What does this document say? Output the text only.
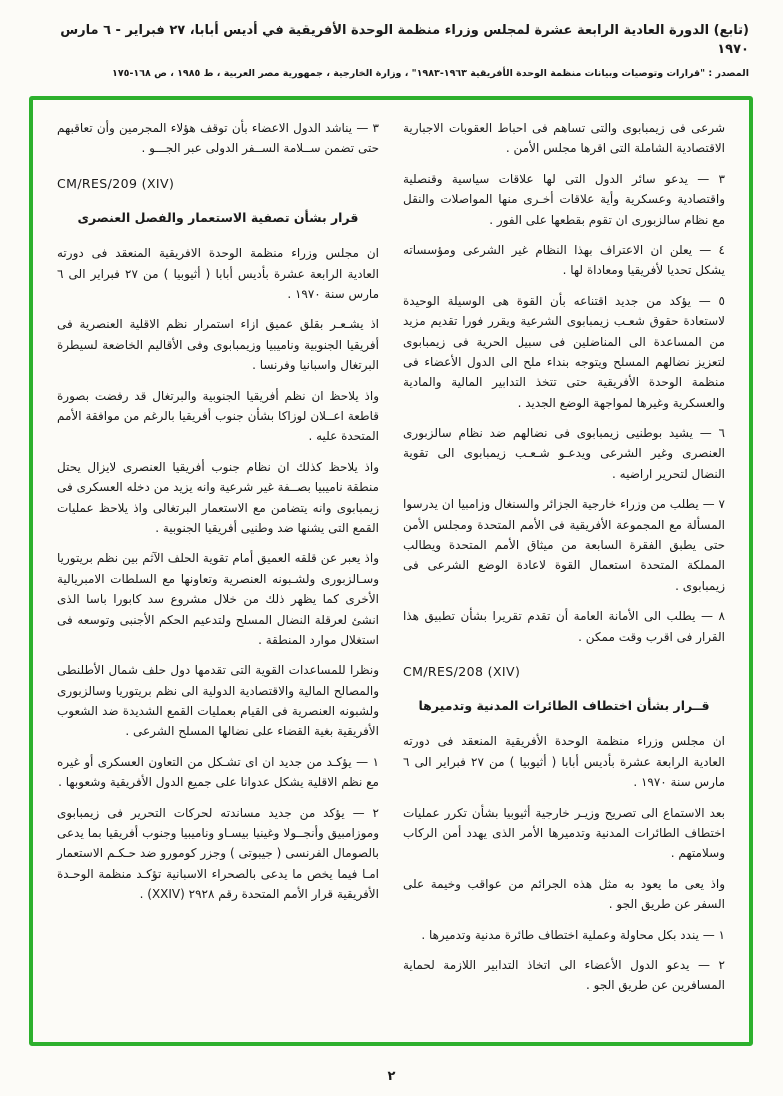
(تابع) الدورة العادية الرابعة عشرة لمجلس وزراء منظمة الوحدة الأفريقية في أديس أبابا، ٢٧ فبراير - ٦ مارس ١٩٧٠
المصدر : "قرارات وتوصيات وبيانات منظمة الوحدة الأفريقية ١٩٦٣-١٩٨٣" ، وزارة الخارجية ، جمهورية مصر العربية ، ط ١٩٨٥ ، ص ١٦٨-١٧٥
شرعى فى زيمبابوى والتى تساهم فى احباط العقوبات الاجبارية الاقتصادية الشاملة التى اقرها مجلس الأمن .
٣ — يدعو سائر الدول التى لها علاقات سياسية وقنصلية واقتصادية وعسكرية وأية علاقات أخـرى منها المواصلات والنقل مع نظام سالزبورى ان تقوم بقطعها على الفور .
٤ — يعلن ان الاعتراف بهذا النظام غير الشرعى ومؤسساته يشكل تحديا لأفريقيا ومعاداة لها .
٥ — يؤكد من جديد اقتناعه بأن القوة هى الوسيلة الوحيدة لاستعادة حقوق شعـب زيمبابوى الشرعية ويقرر فورا تقديم مزيد من المساعدة الى المناضلين فى سبيل الحرية فى زيمبابوى لتعزيز نضالهم المسلح ويتوجه بنداء ملح الى الدول الأعضاء فى منظمة الوحدة الأفريقية حتى تتخذ التدابير المالية والمادية والعسكرية وغيرها لمواجهة الوضع الجديد .
٦ — يشيد بوطنيى زيمبابوى فى نضالهم ضد نظام سالزبورى العنصرى وغير الشرعى ويدعـو شـعـب زيمبابوى الى تقوية النضال لتحرير اراضيه .
٧ — يطلب من وزراء خارجية الجزائر والسنغال وزامبيا ان يدرسوا المسألة مع المجموعة الأفريقية فى الأمم المتحدة ومجلس الأمن حتى يطبق الفقرة السابعة من ميثاق الأمم المتحدة ويطالب المملكة المتحدة استعمال القوة لاعادة الوضع الشرعى فى زيمبابوى .
٨ — يطلب الى الأمانة العامة أن تقدم تقريرا بشأن تطبيق هذا القرار فى اقرب وقت ممكن .
CM/RES/208 (XIV)
قــرار بشأن اختطاف الطائرات المدنية وتدميرها
ان مجلس وزراء منظمة الوحدة الأفريقية المنعقد فى دورته العادية الرابعة عشرة بأديس أبابا ( أثيوبيا ) من ٢٧ فبراير الى ٦ مارس سنة ١٩٧٠ .
بعد الاستماع الى تصريح وزيـر خارجية أثيوبيا بشأن تكرر عمليات اختطاف الطائرات المدنية وتدميرها الأمر الذى يهدد أمن الركاب وسلامتهم .
واذ يعى ما يعود به مثل هذه الجرائم من عواقب وخيمة على السفر عن طريق الجو .
١ — يندد بكل محاولة وعملية اختطاف طائرة مدنية وتدميرها .
٢ — يدعو الدول الأعضاء الى اتخاذ التدابير اللازمة لحماية المسافرين عن طريق الجو .
٣ — يناشد الدول الاعضاء بأن توقف هؤلاء المجرمين وأن تعاقبهم حتى تضمن ســلامة الســفر الدولى عبر الجـــو .
CM/RES/209 (XIV)
قرار بشأن تصفية الاستعمار والفصل العنصرى
ان مجلس وزراء منظمة الوحدة الافريقية المنعقد فى دورته العادية الرابعة عشرة بأديس أبابا ( أثيوبيا ) من ٢٧ فبراير الى ٦ مارس سنة ١٩٧٠ .
اذ يشـعـر بقلق عميق ازاء استمرار نظم الاقلية العنصرية فى أفريقيا الجنوبية وناميبيا وزيمبابوى وفى الأقاليم الخاضعة لسيطرة البرتغال واسبانيا وفرنسا .
واذ يلاحظ ان نظم أفريقيا الجنوبية والبرتغال قد رفضت بصورة قاطعة اعــلان لوزاكا بشأن جنوب أفريقيا بالرغم من موافقة الأمم المتحدة عليه .
واذ يلاحظ كذلك ان نظام جنوب أفريقيا العنصرى لايزال يحتل منطقة ناميبيا بصــفة غير شرعية وانه يزيد من دخله العسكرى فى زيمبابوى وانه يتضامن مع الاستعمار البرتغالى واذ يلاحظ عمليات القمع التى يشنها ضد وطنيى أفريقيا الجنوبية .
واذ يعبر عن قلقه العميق أمام تقوية الحلف الآثم بين نظم بريتوريا وسـالزبورى ولشـبونه العنصرية وتعاونها مع السلطات الامبريالية الأخرى كما يظهر ذلك من خلال مشروع سد كابورا باسا الذى انشئ لعرقلة النضال المسلح ولتدعيم الحكم الأجنبى وتوسعه فى استغلال موارد المنطقة .
ونظرا للمساعدات القوية التى تقدمها دول حلف شمال الأطلنطى والمصالح المالية والاقتصادية الدولية الى نظم بريتوريا وسالزبورى ولشبونه العنصرية فى القيام بعمليات القمع الشديدة ضد الشعوب الأفريقية بغية القضاء على نضالها المسلح الشرعى .
١ — يؤكـد من جديد ان اى تشـكل من التعاون العسكرى أو غيره مع نظم الاقلية يشكل عدوانا على جميع الدول الأفريقية وشعوبها .
٢ — يؤكد من جديد مساندته لحركات التحرير فى زيمبابوى وموزامبيق وأنجــولا وغينيا بيسـاو وناميبيا وجنوب أفريقيا بما يدعى بالصومال الفرنسى ( جيبوتى ) وجزر كومورو ضد حـكـم الاستعمار امـا فيما يخص ما يدعى بالصحراء الاسبانية تؤكـد منظمة الوحـدة الأفريقية قرار الأمم المتحدة رقم ٢٩٢٨ (XXIV) .
٢
